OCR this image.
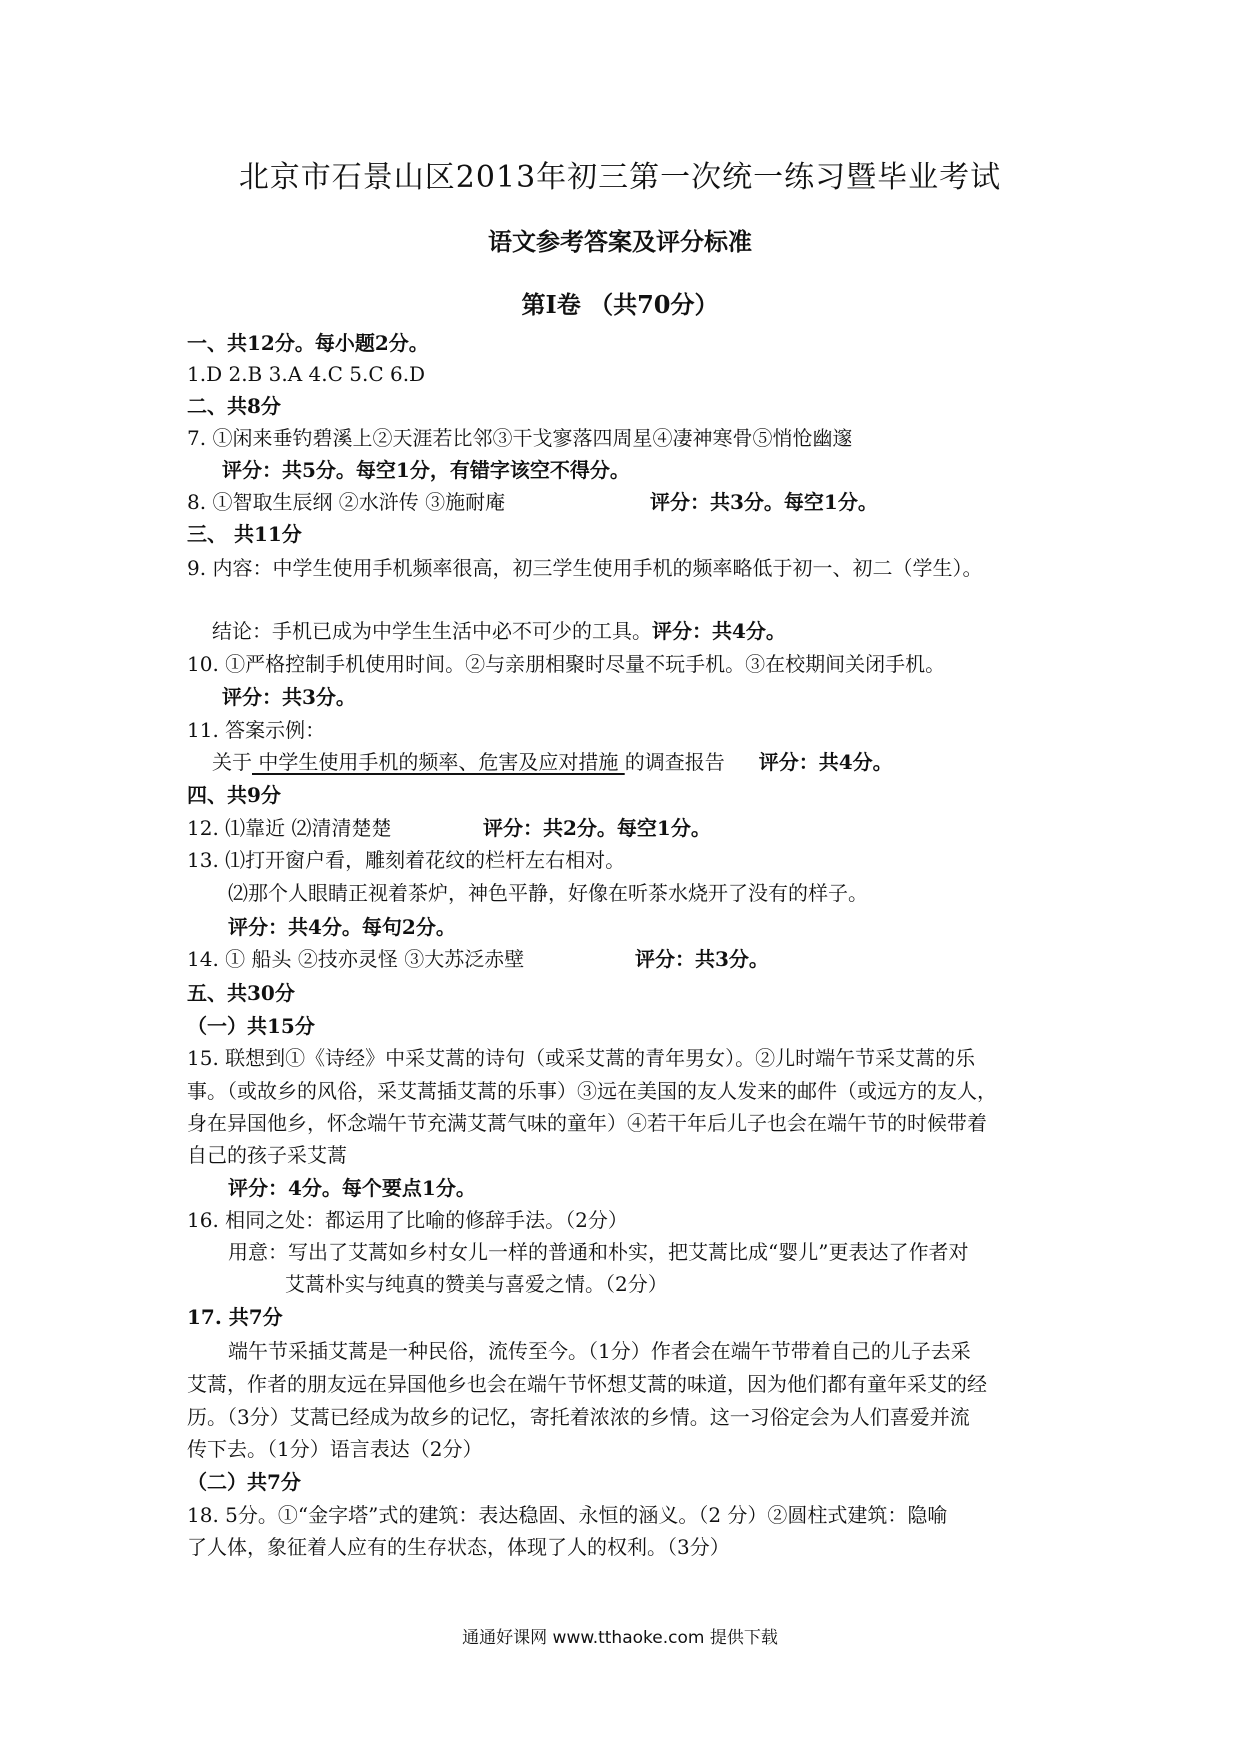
北京市石景山区2013年初三第一次统一练习暨毕业考试
语文参考答案及评分标准
第Ⅰ卷 （共70分）
一、共12分。每小题2分。
1.D 2.B 3.A 4.C 5.C 6.D
二、共8分
7. ①闲来垂钓碧溪上②天涯若比邻③干戈寥落四周星④凄神寒骨⑤悄怆幽邃
评分：共5分。每空1分，有错字该空不得分。
8. ①智取生辰纲 ②水浒传 ③施耐庵	评分：共3分。每空1分。
三、 共11分
9. 内容：中学生使用手机频率很高，初三学生使用手机的频率略低于初一、初二（学生）。
结论：手机已成为中学生生活中必不可少的工具。评分：共4分。
10. ①严格控制手机使用时间。②与亲朋相聚时尽量不玩手机。③在校期间关闭手机。
评分：共3分。
11. 答案示例：
关于 中学生使用手机的频率、危害及应对措施 的调查报告 评分：共4分。
四、共9分
12. ⑴靠近 ⑵清清楚楚	评分：共2分。每空1分。
13. ⑴打开窗户看，雕刻着花纹的栏杆左右相对。
⑵那个人眼睛正视着茶炉，神色平静，好像在听茶水烧开了没有的样子。
评分：共4分。每句2分。
14. ① 船头 ②技亦灵怪 ③大苏泛赤壁	评分：共3分。
五、共30分
（一）共15分
15. 联想到①《诗经》中采艾蒿的诗句（或采艾蒿的青年男女）。②儿时端午节采艾蒿的乐
事。（或故乡的风俗，采艾蒿插艾蒿的乐事）③远在美国的友人发来的邮件（或远方的友人，
身在异国他乡，怀念端午节充满艾蒿气味的童年）④若干年后儿子也会在端午节的时候带着
自己的孩子采艾蒿
评分：4分。每个要点1分。
16. 相同之处：都运用了比喻的修辞手法。（2分）
用意：写出了艾蒿如乡村女儿一样的普通和朴实，把艾蒿比成“婴儿”更表达了作者对
艾蒿朴实与纯真的赞美与喜爱之情。（2分）
17. 共7分
端午节采插艾蒿是一种民俗，流传至今。（1分）作者会在端午节带着自己的儿子去采
艾蒿，作者的朋友远在异国他乡也会在端午节怀想艾蒿的味道，因为他们都有童年采艾的经
历。（3分）艾蒿已经成为故乡的记忆，寄托着浓浓的乡情。这一习俗定会为人们喜爱并流
传下去。（1分）语言表达（2分）
（二）共7分
18. 5分。①“金字塔”式的建筑：表达稳固、永恒的涵义。（2 分）②圆柱式建筑：隐喻
了人体，象征着人应有的生存状态，体现了人的权利。（3分）
通通好课网 www.tthaoke.com 提供下载
